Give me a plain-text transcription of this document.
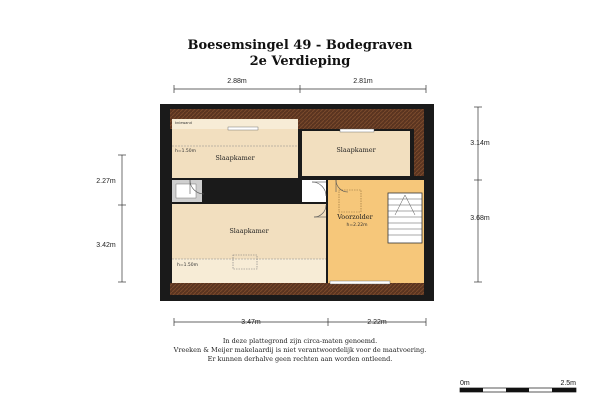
Boesemsingel 49 - Bodegraven
2e Verdieping
2.88m	2.81m
3.47m	2.22m
2.27m
3.42m
3.14m
3.68m
kniewand
Slaapkamer
h=1.50m	Slaapkamer
Slaapkamer
h=1.50m
Voorzolder
h=2.22m
0m	2.5m
In deze plattegrond zijn circa-maten genoemd.
Vreeken & Meijer makelaardij is niet verantwoordelijk voor de maatvoering.
Er kunnen derhalve geen rechten aan worden ontleend.
